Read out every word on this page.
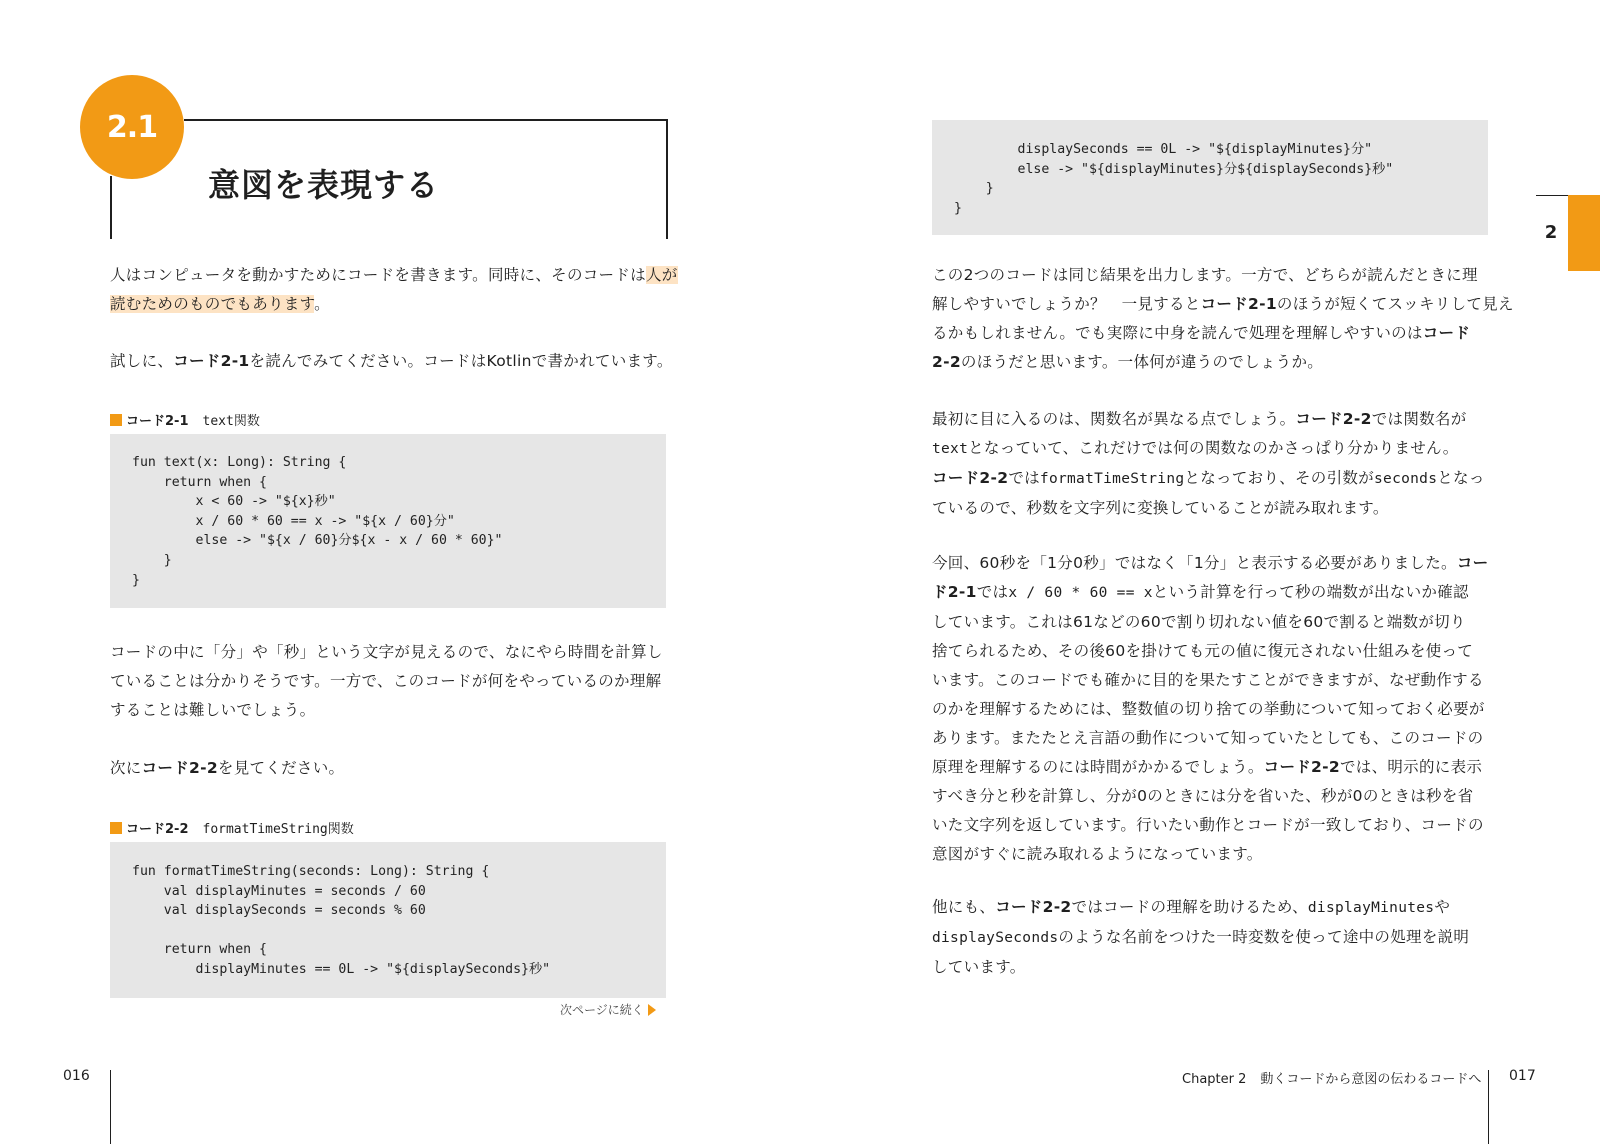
2.1
意図を表現する
人はコンピュータを動かすためにコードを書きます。同時に、そのコードは人が
読むためのものでもあります。
試しに、コード2-1を読んでみてください。コードはKotlinで書かれています。
コード2-1 text関数
fun text(x: Long): String {
return when {
x < 60 -> "${x}秒"
x / 60 * 60 == x -> "${x / 60}分"
else -> "${x / 60}分${x - x / 60 * 60}"
}
}
コードの中に「分」や「秒」という文字が見えるので、なにやら時間を計算し
ていることは分かりそうです。一方で、このコードが何をやっているのか理解
することは難しいでしょう。
次にコード2-2を見てください。
コード2-2 formatTimeString関数
fun formatTimeString(seconds: Long): String {
val displayMinutes = seconds / 60
val displaySeconds = seconds % 60

return when {
displayMinutes == 0L -> "${displaySeconds}秒"
次ページに続く
016
displaySeconds == 0L -> "${displayMinutes}分"
else -> "${displayMinutes}分${displaySeconds}秒"
}
}
この2つのコードは同じ結果を出力します。一方で、どちらが読んだときに理
解しやすいでしょうか？　一見するとコード2-1のほうが短くてスッキリして見え
るかもしれません。でも実際に中身を読んで処理を理解しやすいのはコード
2-2のほうだと思います。一体何が違うのでしょうか。
最初に目に入るのは、関数名が異なる点でしょう。コード2-2では関数名が
textとなっていて、これだけでは何の関数なのかさっぱり分かりません。
コード2-2ではformatTimeStringとなっており、その引数がsecondsとなっ
ているので、秒数を文字列に変換していることが読み取れます。
今回、60秒を「1分0秒」ではなく「1分」と表示する必要がありました。コー
ド2-1ではx / 60 * 60 == xという計算を行って秒の端数が出ないか確認
しています。これは61などの60で割り切れない値を60で割ると端数が切り
捨てられるため、その後60を掛けても元の値に復元されない仕組みを使って
います。このコードでも確かに目的を果たすことができますが、なぜ動作する
のかを理解するためには、整数値の切り捨ての挙動について知っておく必要が
あります。またたとえ言語の動作について知っていたとしても、このコードの
原理を理解するのには時間がかかるでしょう。コード2-2では、明示的に表示
すべき分と秒を計算し、分が0のときには分を省いた、秒が0のときは秒を省
いた文字列を返しています。行いたい動作とコードが一致しており、コードの
意図がすぐに読み取れるようになっています。
他にも、コード2-2ではコードの理解を助けるため、displayMinutesや
displaySecondsのような名前をつけた一時変数を使って途中の処理を説明
しています。
Chapter 2 動くコードから意図の伝わるコードへ 017
2
